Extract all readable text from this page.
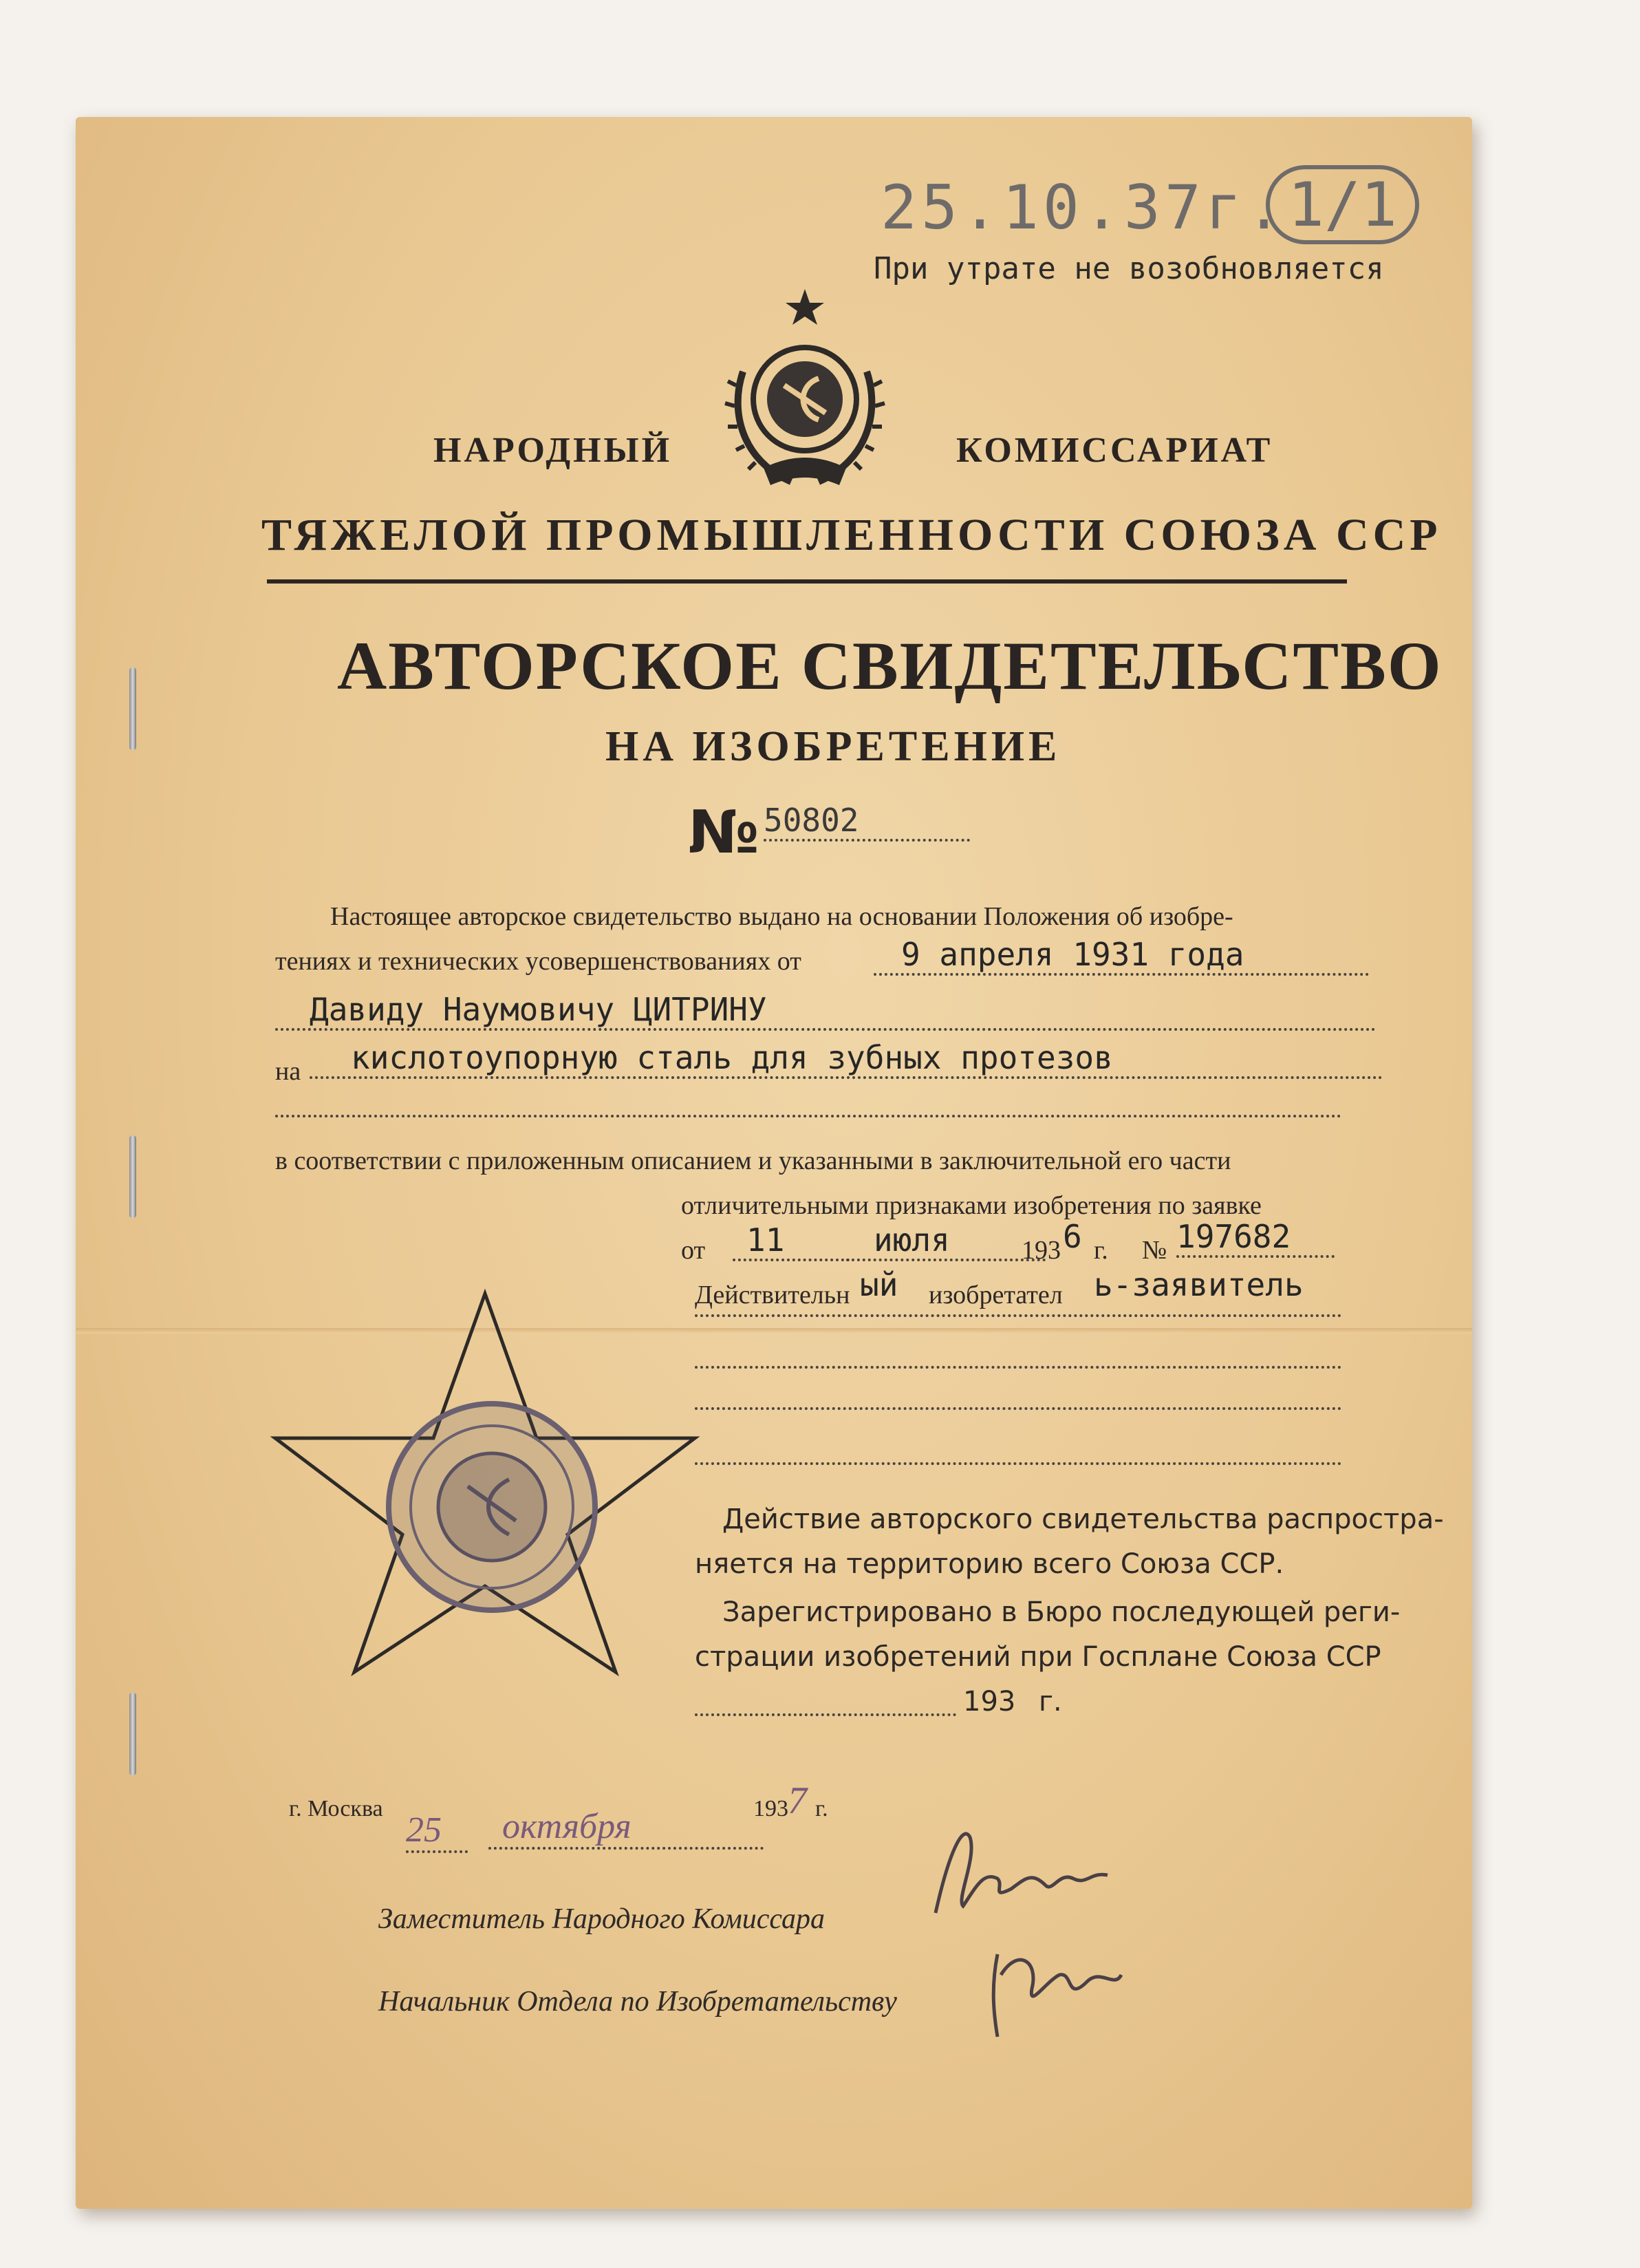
25.10.37г. 1/1
При утрате не возобновляется
НАРОДНЫЙ	КОМИССАРИАТ
ТЯЖЕЛОЙ ПРОМЫШЛЕННОСТИ СОЮЗА ССР
АВТОРСКОЕ СВИДЕТЕЛЬСТВО
НА ИЗОБРЕТЕНИЕ
№ 50802
Настоящее авторское свидетельство выдано на основании Положения об изобре-
тениях и технических усовершенствованиях от	9 апреля 1931 года
Давиду Наумовичу ЦИТРИНУ
на	кислотоупорную сталь для зубных протезов
в соответствии с приложенным описанием и указанными в заключительной его части
отличительными признаками изобретения по заявке
от	11	июля	193 6 г. № 197682
Действительн ый изобретател ь-заявитель
Действие авторского свидетельства распростра-
няется на территорию всего Союза ССР.
Зарегистрировано в Бюро последующей реги-
страции изобретений при Госплане Союза ССР
193 г.
г. Москва
25	октября	193 7 г.
Заместитель Народного Комиссара
Начальник Отдела по Изобретательству
